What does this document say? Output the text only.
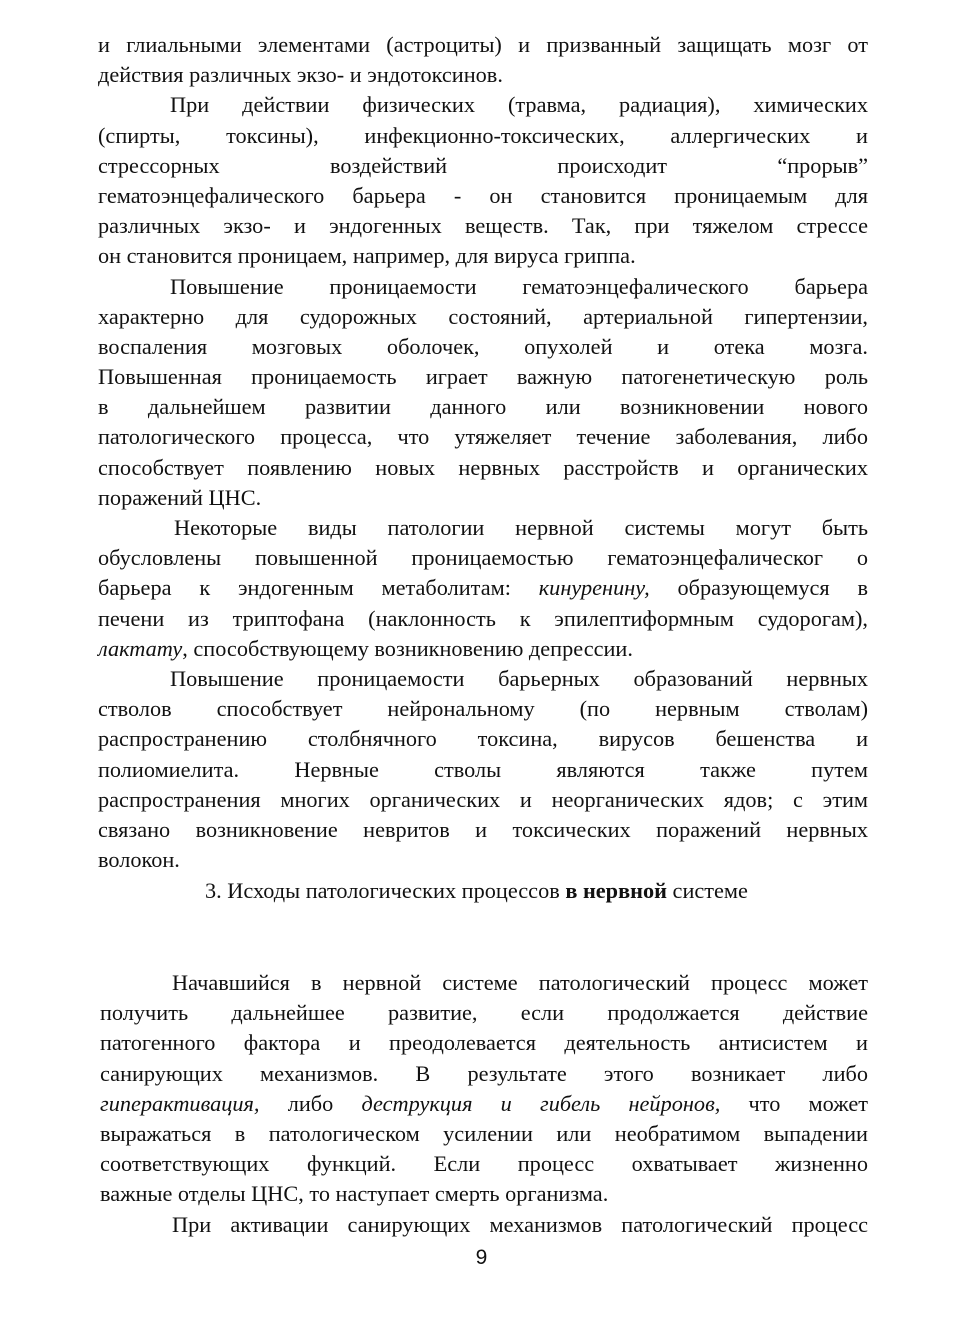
и глиальными элементами (астроциты) и призванный защищать мозг от
действия различных экзо- и эндотоксинов.
При действии физических (травма, радиация), химических
(спирты, токсины), инфекционно-токсических, аллергических и
стрессорных воздействий происходит “прорыв”
гематоэнцефалического барьера - он становится проницаемым для
различных экзо- и эндогенных веществ. Так, при тяжелом стрессе
он становится проницаем, например, для вируса гриппа.
Повышение проницаемости гематоэнцефалического барьера
характерно для судорожных состояний, артериальной гипертензии,
воспаления мозговых оболочек, опухолей и отека мозга.
Повышенная проницаемость играет важную патогенетическую роль
в дальнейшем развитии данного или возникновении нового
патологического процесса, что утяжеляет течение заболевания, либо
способствует появлению новых нервных расстройств и органических
поражений ЦНС.
Некоторые виды патологии нервной системы могут быть
обусловлены повышенной проницаемостью гематоэнцефалическог о
барьера к эндогенным метаболитам: кинуренину, образующемуся в
печени из триптофана (наклонность к эпилептиформным судорогам),
лактату, способствующему возникновению депрессии.
Повышение проницаемости барьерных образований нервных
стволов способствует нейрональному (по нервным стволам)
распространению столбнячного токсина, вирусов бешенства и
полиомиелита. Нервные стволы являются также путем
распространения многих органических и неорганических ядов; с этим
связано возникновение невритов и токсических поражений нервных
волокон.
3. Исходы патологических процессов в нервной системе
Начавшийся в нервной системе патологический процесс может
получить дальнейшее развитие, если продолжается действие
патогенного фактора и преодолевается деятельность антисистем и
санирующих механизмов. В результате этого возникает либо
гиперактивация, либо деструкция и гибель нейронов, что может
выражаться в патологическом усилении или необратимом выпадении
соответствующих функций. Если процесс охватывает жизненно
важные отделы ЦНС, то наступает смерть организма.
При активации санирующих механизмов патологический процесс
9
